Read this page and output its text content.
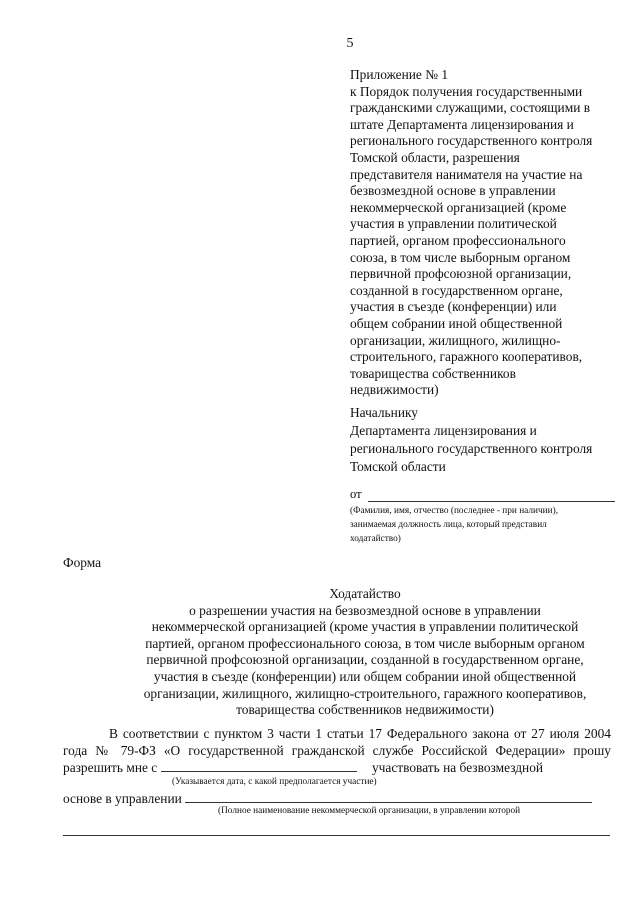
5
Приложение № 1
к Порядок получения государственными
гражданскими служащими, состоящими в
штате Департамента лицензирования и
регионального государственного контроля
Томской области, разрешения
представителя нанимателя на участие на
безвозмездной основе в управлении
некоммерческой организацией (кроме
участия в управлении политической
партией, органом профессионального
союза, в том числе выборным органом
первичной профсоюзной организации,
созданной в государственном органе,
участия в съезде (конференции) или
общем собрании иной общественной
организации, жилищного, жилищно-
строительного, гаражного кооперативов,
товарищества собственников
недвижимости)
Начальнику
Департамента лицензирования и
регионального государственного контроля
Томской области
от
(Фамилия, имя, отчество (последнее - при наличии),
занимаемая должность лица, который представил
ходатайство)
Форма
Ходатайство
о разрешении участия на безвозмездной основе в управлении
некоммерческой организацией (кроме участия в управлении политической
партией, органом профессионального союза, в том числе выборным органом
первичной профсоюзной организации, созданной в государственном органе,
участия в съезде (конференции) или общем собрании иной общественной
организации, жилищного, жилищно-строительного, гаражного кооперативов,
товарищества собственников недвижимости)
В соответствии с пунктом 3 части 1 статьи 17 Федерального закона от 27 июля 2004
года № 79-ФЗ «О государственной гражданской службе Российской Федерации» прошу
разрешить мне с	участвовать на безвозмездной
(Указывается дата, с какой предполагается участие)
основе в управлении
(Полное наименование некоммерческой организации, в управлении которой
